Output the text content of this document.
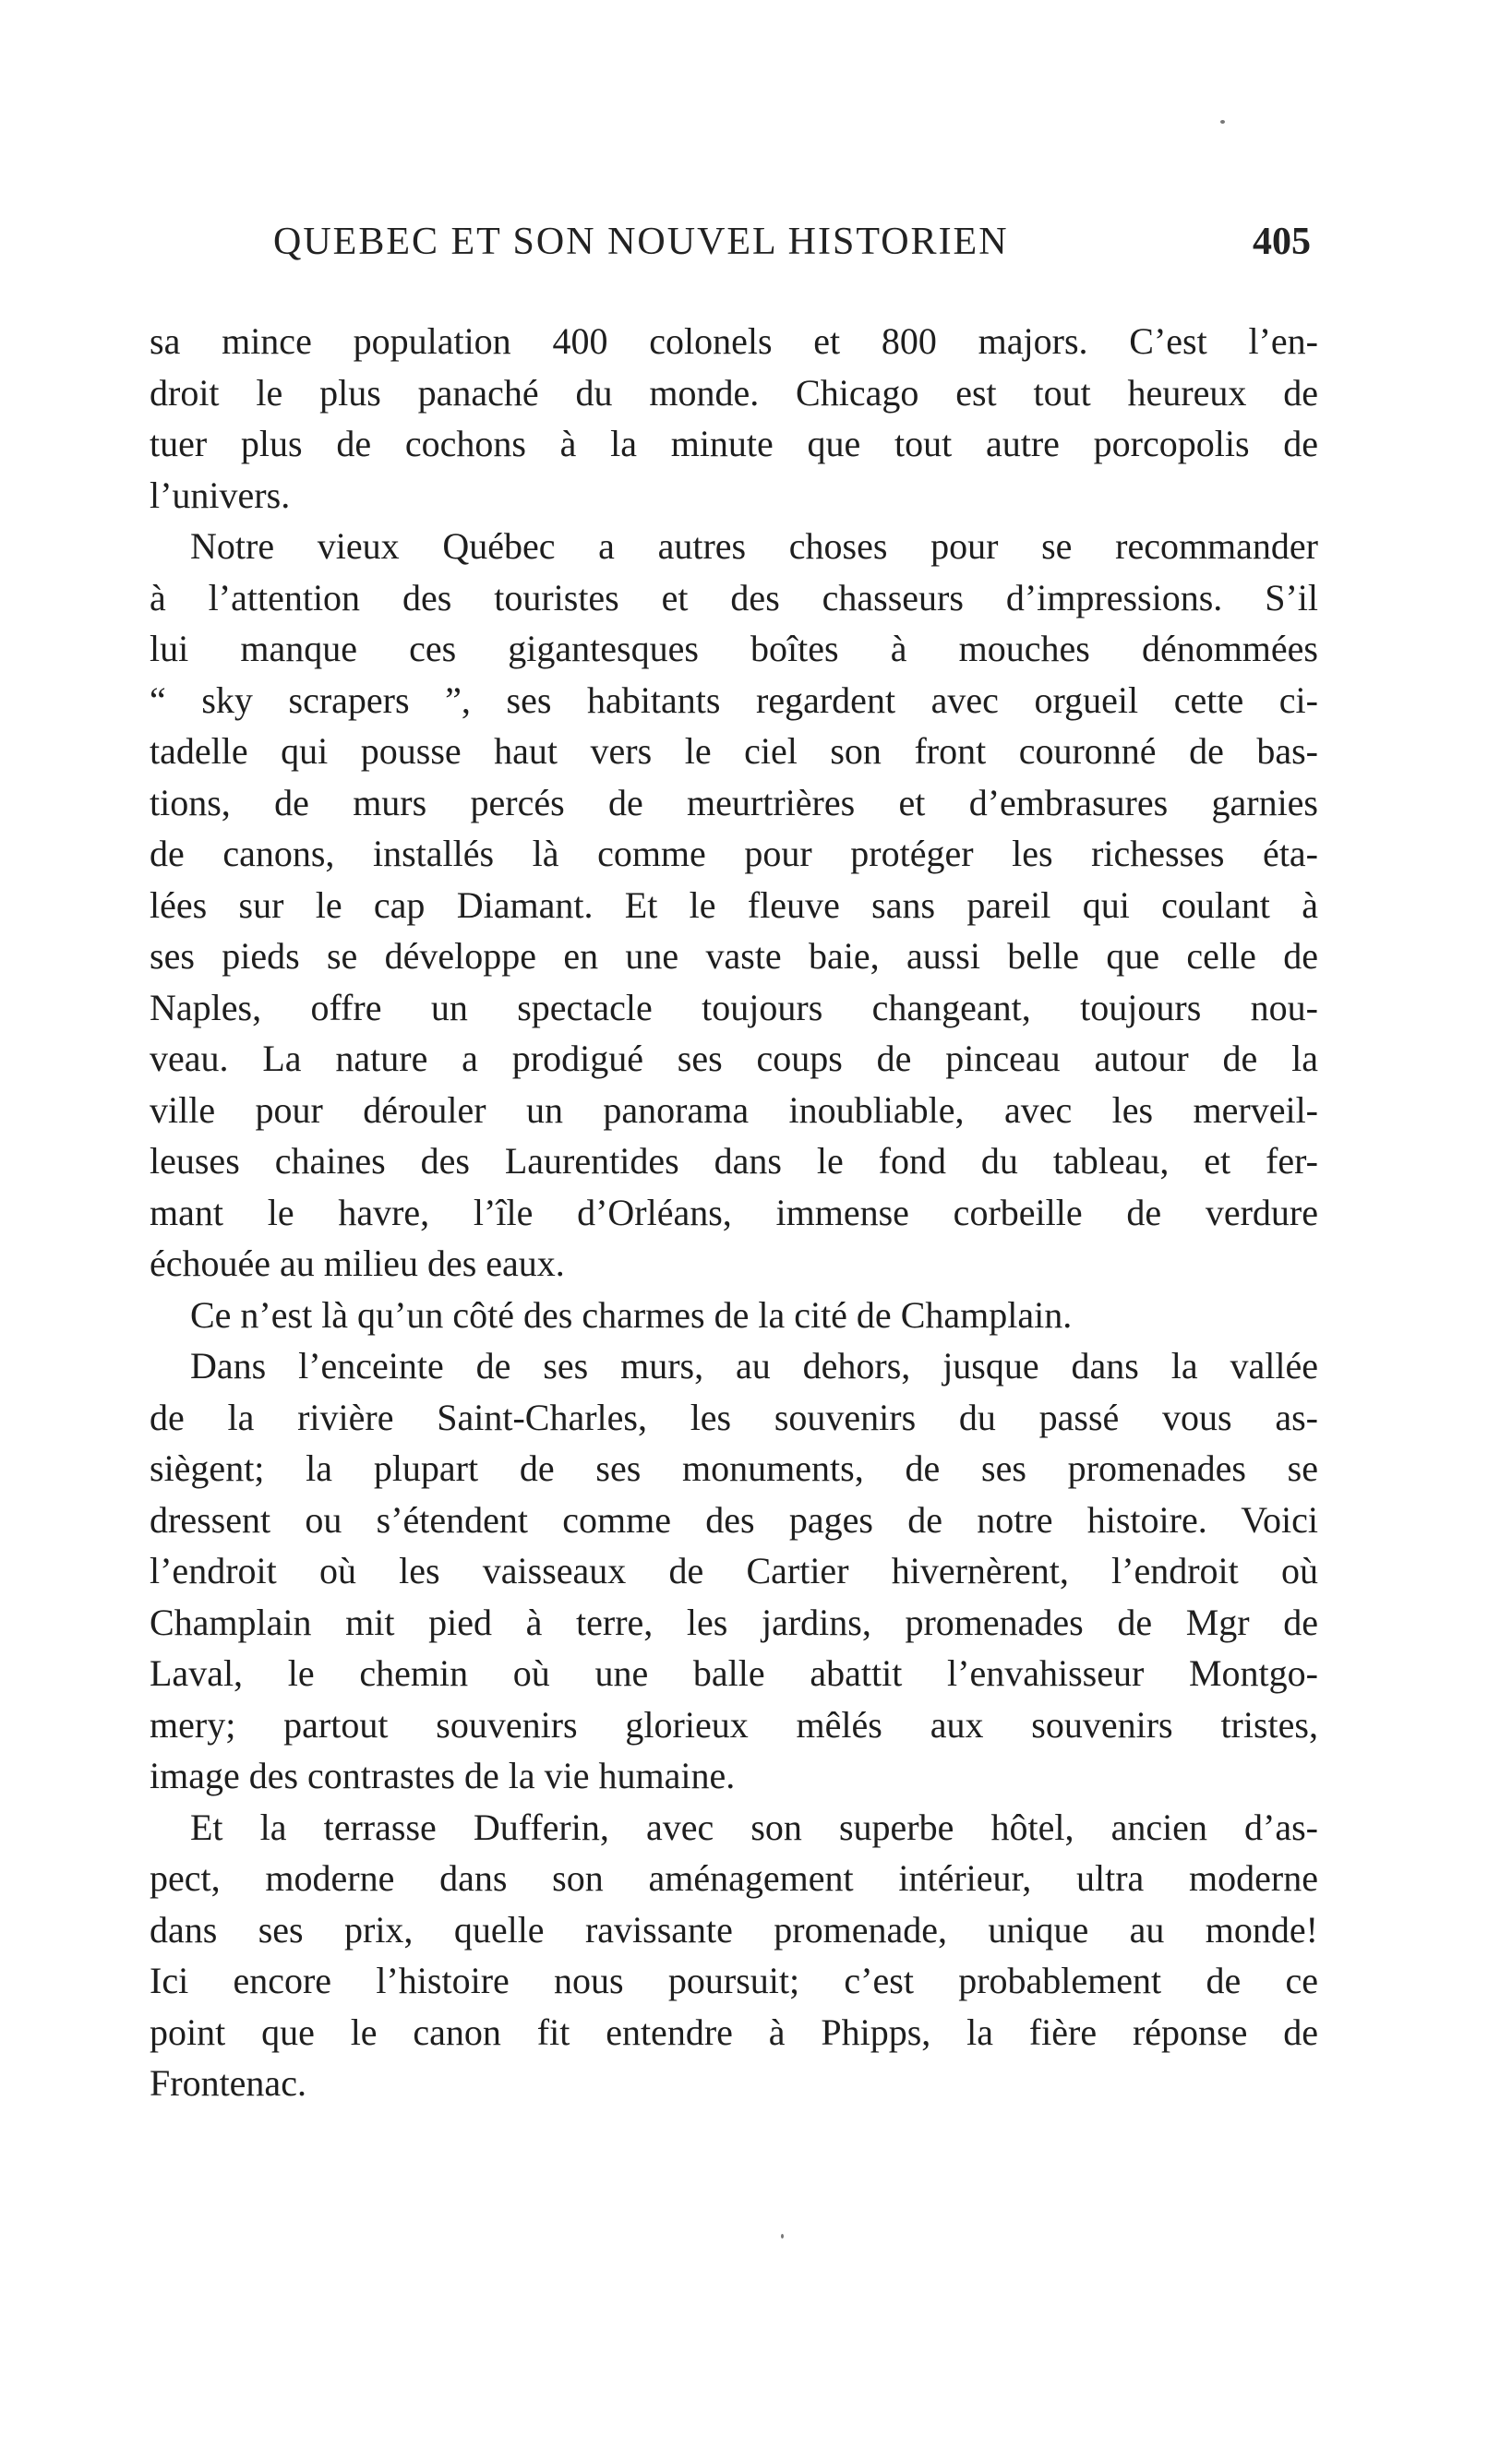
QUEBEC ET SON NOUVEL HISTORIEN	405
sa mince population 400 colonels et 800 majors. C’est l’en-
droit le plus panaché du monde. Chicago est tout heureux de
tuer plus de cochons à la minute que tout autre porcopolis de
l’univers.
Notre vieux Québec a autres choses pour se recommander
à l’attention des touristes et des chasseurs d’impressions. S’il
lui manque ces gigantesques boîtes à mouches dénommées
“ sky scrapers ”, ses habitants regardent avec orgueil cette ci-
tadelle qui pousse haut vers le ciel son front couronné de bas-
tions, de murs percés de meurtrières et d’embrasures garnies
de canons, installés là comme pour protéger les richesses éta-
lées sur le cap Diamant. Et le fleuve sans pareil qui coulant à
ses pieds se développe en une vaste baie, aussi belle que celle de
Naples, offre un spectacle toujours changeant, toujours nou-
veau. La nature a prodigué ses coups de pinceau autour de la
ville pour dérouler un panorama inoubliable, avec les merveil-
leuses chaines des Laurentides dans le fond du tableau, et fer-
mant le havre, l’île d’Orléans, immense corbeille de verdure
échouée au milieu des eaux.
Ce n’est là qu’un côté des charmes de la cité de Champlain.
Dans l’enceinte de ses murs, au dehors, jusque dans la vallée
de la rivière Saint-Charles, les souvenirs du passé vous as-
siègent; la plupart de ses monuments, de ses promenades se
dressent ou s’étendent comme des pages de notre histoire. Voici
l’endroit où les vaisseaux de Cartier hivernèrent, l’endroit où
Champlain mit pied à terre, les jardins, promenades de Mgr de
Laval, le chemin où une balle abattit l’envahisseur Montgo-
mery; partout souvenirs glorieux mêlés aux souvenirs tristes,
image des contrastes de la vie humaine.
Et la terrasse Dufferin, avec son superbe hôtel, ancien d’as-
pect, moderne dans son aménagement intérieur, ultra moderne
dans ses prix, quelle ravissante promenade, unique au monde!
Ici encore l’histoire nous poursuit; c’est probablement de ce
point que le canon fit entendre à Phipps, la fière réponse de
Frontenac.
